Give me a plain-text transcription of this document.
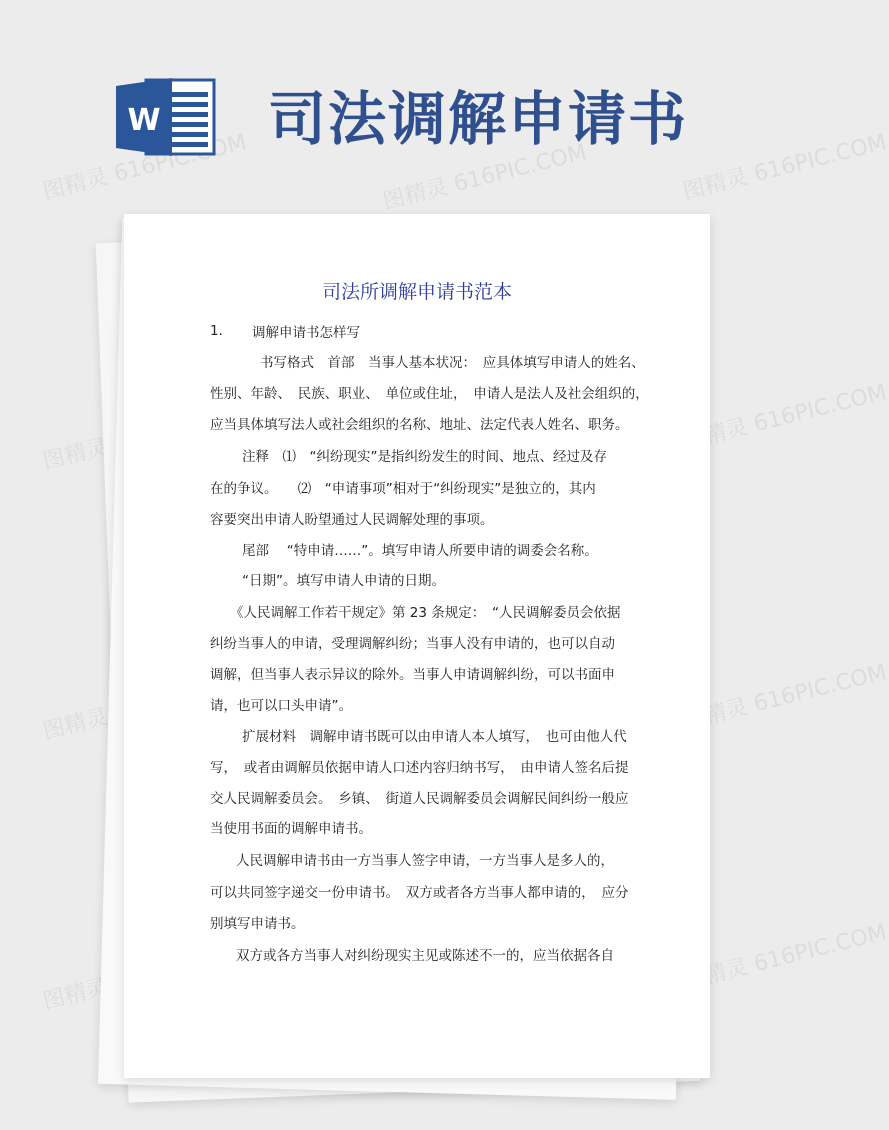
图精灵 616PIC.COM	图精灵 616PIC.COM	图精灵 616PIC.COM
图精灵	图精灵 616PIC.COM
图精灵	图精灵 616PIC.COM
图精灵	图精灵 616PIC.COM
W 司法调解申请书
司法所调解申请书范本
1. 调解申请书怎样写
书写格式　首部　当事人基本状况：　应具体填写申请人的姓名、
性别、年龄、　民族、职业、　单位或住址，　申请人是法人及社会组织的，
应当具体填写法人或社会组织的名称、地址、法定代表人姓名、职务。
注释　⑴　“纠纷现实”是指纠纷发生的时间、地点、经过及存
在的争议。　　⑵　“申请事项”相对于“纠纷现实”是独立的，其内
容要突出申请人盼望通过人民调解处理的事项。
尾部　 “特申请……”。填写申请人所要申请的调委会名称。
“日期”。填写申请人申请的日期。
《人民调解工作若干规定》第 23 条规定：　“人民调解委员会依据
纠纷当事人的申请，受理调解纠纷；当事人没有申请的，也可以自动
调解，但当事人表示异议的除外。当事人申请调解纠纷，可以书面申
请，也可以口头申请”。
扩展材料　调解申请书既可以由申请人本人填写，　也可由他人代
写，　或者由调解员依据申请人口述内容归纳书写，　由申请人签名后提
交人民调解委员会。　乡镇、　街道人民调解委员会调解民间纠纷一般应
当使用书面的调解申请书。
人民调解申请书由一方当事人签字申请，一方当事人是多人的，
可以共同签字递交一份申请书。　双方或者各方当事人都申请的，　应分
别填写申请书。
双方或各方当事人对纠纷现实主见或陈述不一的，应当依据各自
